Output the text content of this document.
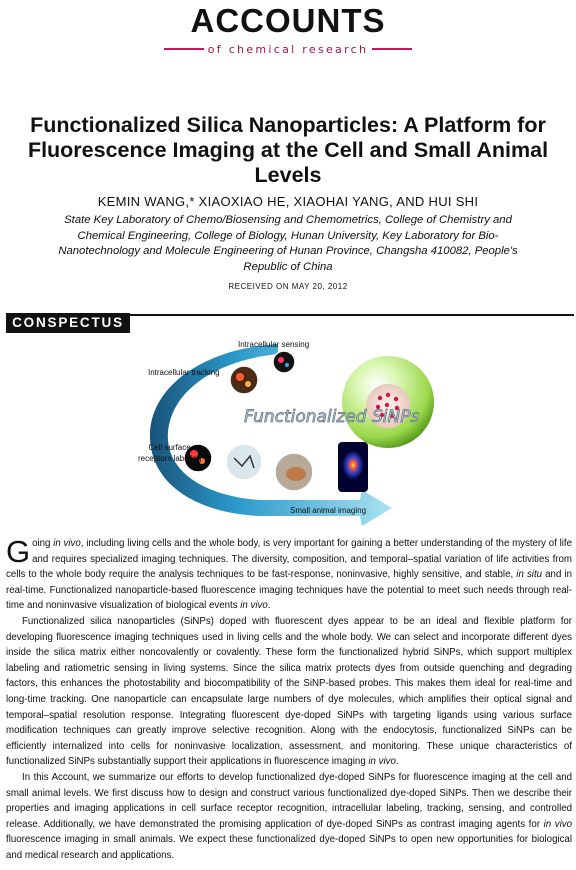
ACCOUNTS
of chemical research
Functionalized Silica Nanoparticles: A Platform for Fluorescence Imaging at the Cell and Small Animal Levels
KEMIN WANG,* XIAOXIAO HE, XIAOHAI YANG, AND HUI SHI
State Key Laboratory of Chemo/Biosensing and Chemometrics, College of Chemistry and Chemical Engineering, College of Biology, Hunan University, Key Laboratory for Bio-Nanotechnology and Molecule Engineering of Hunan Province, Changsha 410082, People's Republic of China
RECEIVED ON MAY 20, 2012
CONSPECTUS
Functionalized SiNPs
Intracellular sensing
Intracellular tracking
Cell surface
receptors labeling
Small animal imaging

Going in vivo, including living cells and the whole body, is very important for gaining a better understanding of the mystery of life and requires specialized imaging techniques. The diversity, composition, and temporal–spatial variation of life activities from cells to the whole body require the analysis techniques to be fast-response, noninvasive, highly sensitive, and stable, in situ and in real-time. Functionalized nanoparticle-based fluorescence imaging techniques have the potential to meet such needs through real-time and noninvasive visualization of biological events in vivo.

Functionalized silica nanoparticles (SiNPs) doped with fluorescent dyes appear to be an ideal and flexible platform for developing fluorescence imaging techniques used in living cells and the whole body. We can select and incorporate different dyes inside the silica matrix either noncovalently or covalently. These form the functionalized hybrid SiNPs, which support multiplex labeling and ratiometric sensing in living systems. Since the silica matrix protects dyes from outside quenching and degrading factors, this enhances the photostability and biocompatibility of the SiNP-based probes. This makes them ideal for real-time and long-time tracking. One nanoparticle can encapsulate large numbers of dye molecules, which amplifies their optical signal and temporal–spatial resolution response. Integrating fluorescent dye-doped SiNPs with targeting ligands using various surface modification techniques can greatly improve selective recognition. Along with the endocytosis, functionalized SiNPs can be efficiently internalized into cells for noninvasive localization, assessment, and monitoring. These unique characteristics of functionalized SiNPs substantially support their applications in fluorescence imaging in vivo.

In this Account, we summarize our efforts to develop functionalized dye-doped SiNPs for fluorescence imaging at the cell and small animal levels. We first discuss how to design and construct various functionalized dye-doped SiNPs. Then we describe their properties and imaging applications in cell surface receptor recognition, intracellular labeling, tracking, sensing, and controlled release. Additionally, we have demonstrated the promising application of dye-doped SiNPs as contrast imaging agents for in vivo fluorescence imaging in small animals. We expect these functionalized dye-doped SiNPs to open new opportunities for biological and medical research and applications.
